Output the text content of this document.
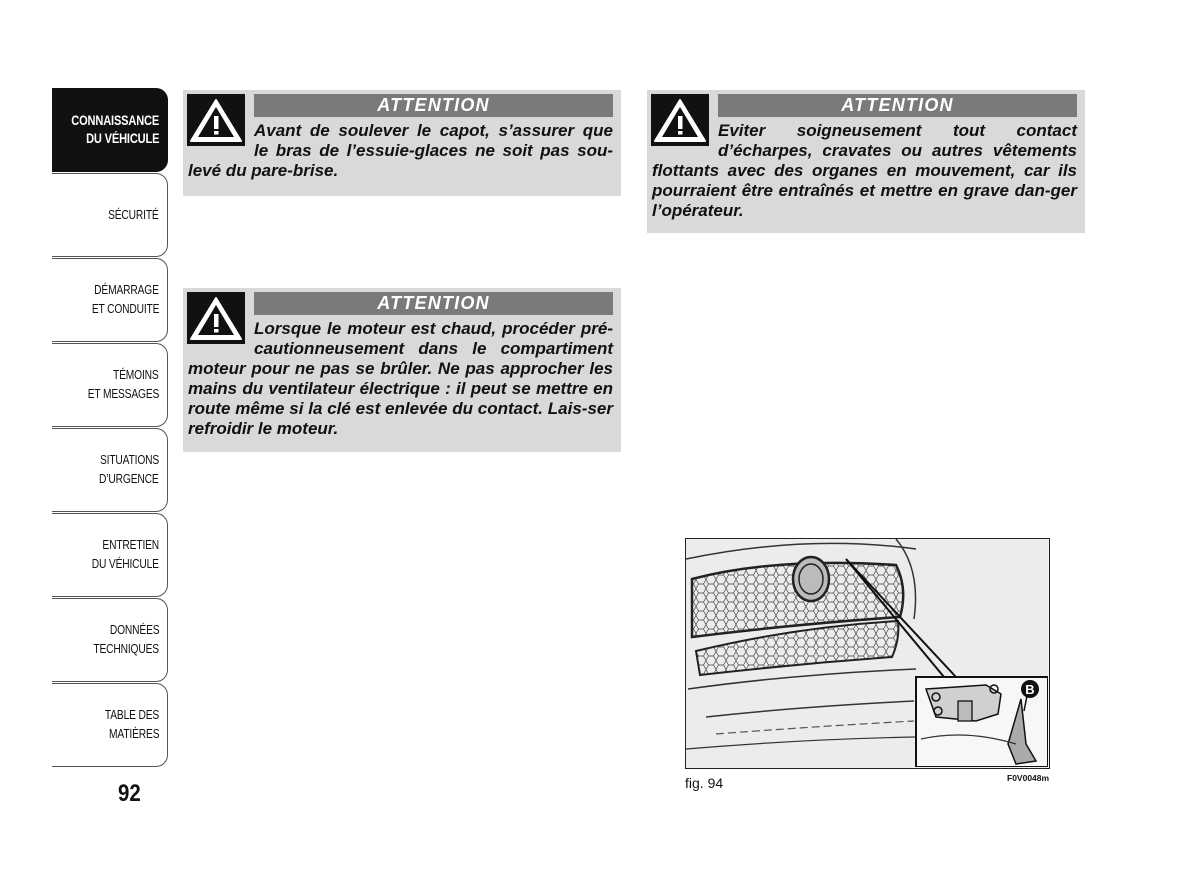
CONNAISSANCE
DU VÉHICULE
SÉCURITÉ
DÉMARRAGE
ET CONDUITE
TÉMOINS
ET MESSAGES
SITUATIONS
D’URGENCE
ENTRETIEN
DU VÉHICULE
DONNÉES
TECHNIQUES
TABLE DES
MATIÈRES
92
ATTENTION

Avant de soulever le capot, s’assurer que

le bras de l’essuie-glaces ne soit pas sou-levé du pare-brise.

ATTENTION

Lorsque le moteur est chaud, procéder pré-

cautionneusement dans le compartiment moteur pour ne pas se brûler. Ne pas approcher les mains du ventilateur électrique : il peut se mettre en route même si la clé est enlevée du contact. Lais-ser refroidir le moteur.

ATTENTION

Eviter soigneusement tout contact

d’écharpes, cravates ou autres vêtements flottants avec des organes en mouvement, car ils pourraient être entraînés et mettre en grave dan-ger l’opérateur.

B
fig. 94	F0V0048m
